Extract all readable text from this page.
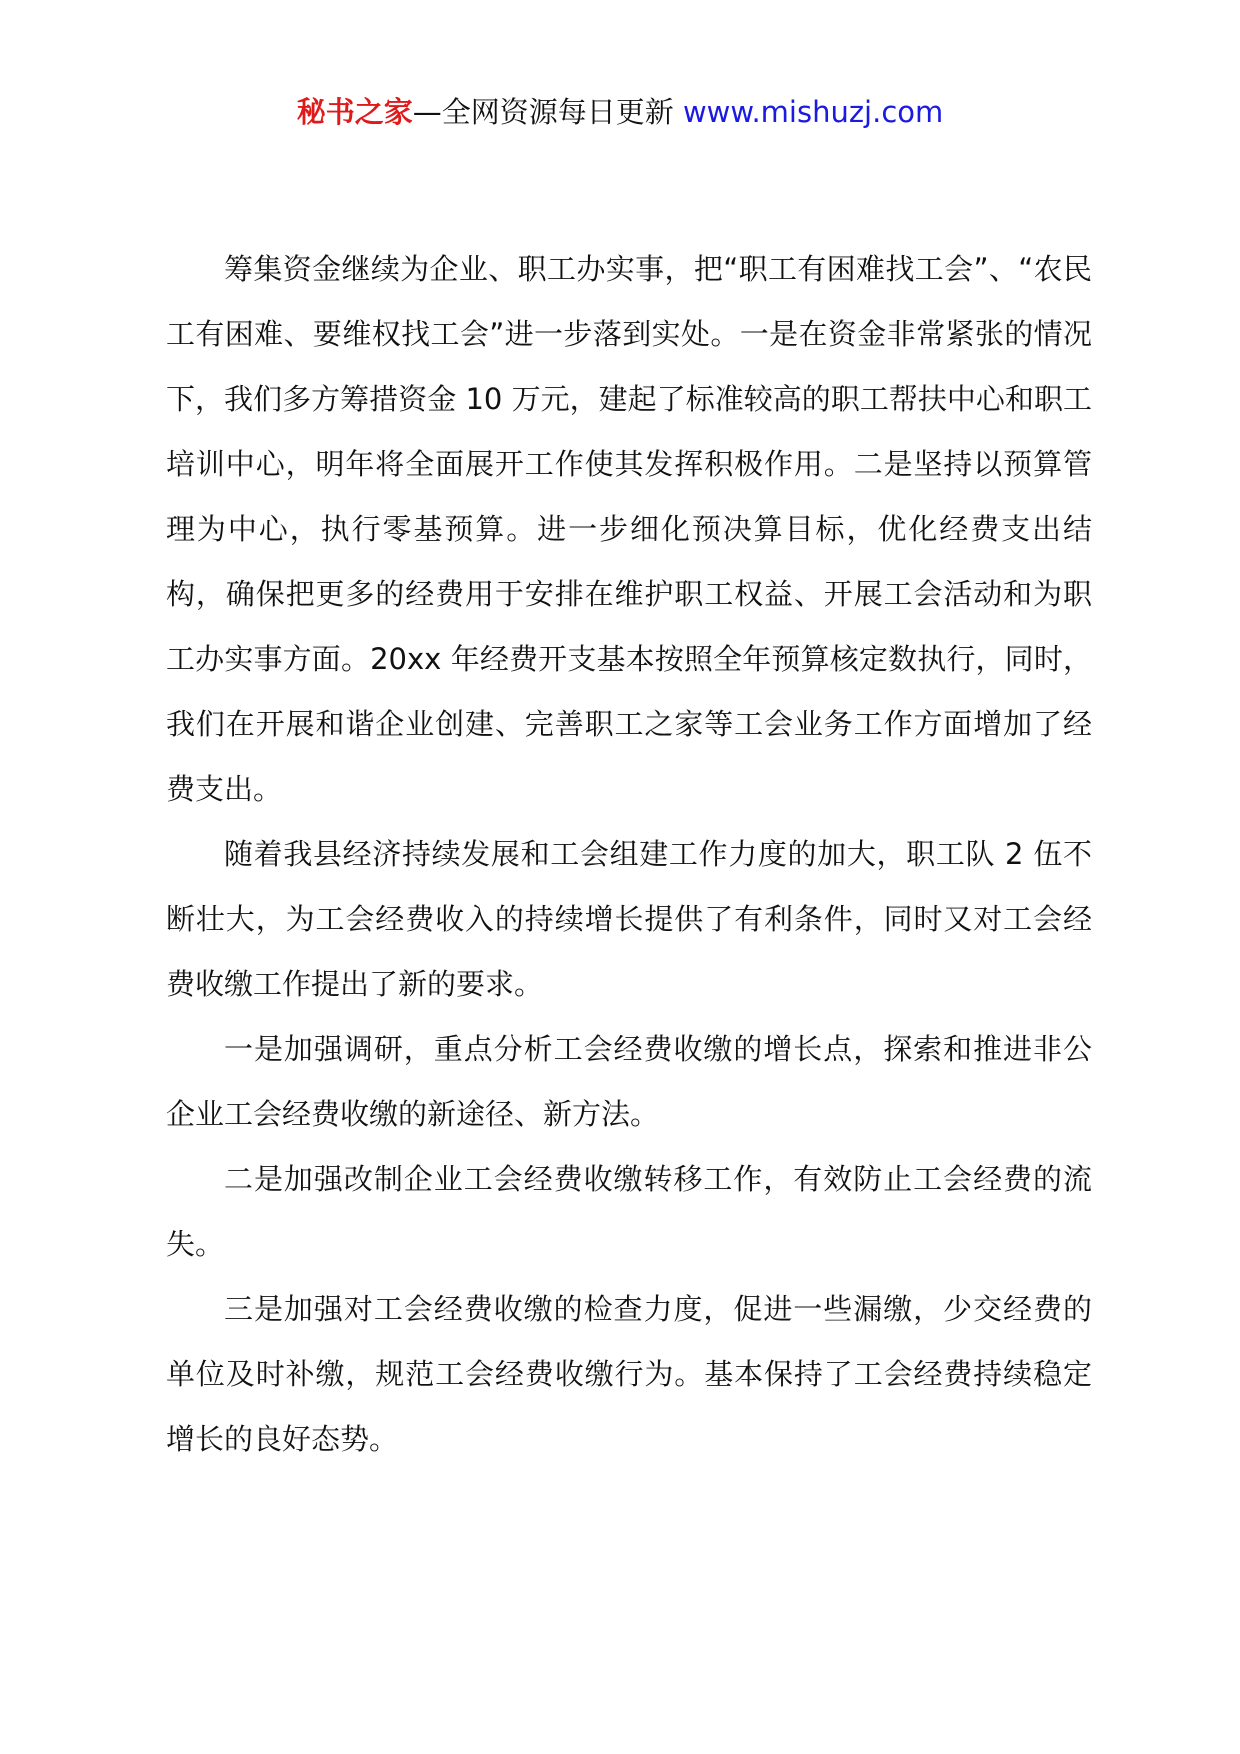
秘书之家—全网资源每日更新 www.mishuzj.com

筹集资金继续为企业、职工办实事，把“职工有困难找工会”、“农民工有困难、要维权找工会”进一步落到实处。一是在资金非常紧张的情况下，我们多方筹措资金 10 万元，建起了标准较高的职工帮扶中心和职工培训中心，明年将全面展开工作使其发挥积极作用。二是坚持以预算管理为中心，执行零基预算。进一步细化预决算目标，优化经费支出结构，确保把更多的经费用于安排在维护职工权益、开展工会活动和为职工办实事方面。20xx 年经费开支基本按照全年预算核定数执行，同时，我们在开展和谐企业创建、完善职工之家等工会业务工作方面增加了经费支出。

随着我县经济持续发展和工会组建工作力度的加大，职工队 2 伍不断壮大，为工会经费收入的持续增长提供了有利条件，同时又对工会经费收缴工作提出了新的要求。

一是加强调研，重点分析工会经费收缴的增长点，探索和推进非公企业工会经费收缴的新途径、新方法。

二是加强改制企业工会经费收缴转移工作，有效防止工会经费的流失。

三是加强对工会经费收缴的检查力度，促进一些漏缴，少交经费的单位及时补缴，规范工会经费收缴行为。基本保持了工会经费持续稳定增长的良好态势。
